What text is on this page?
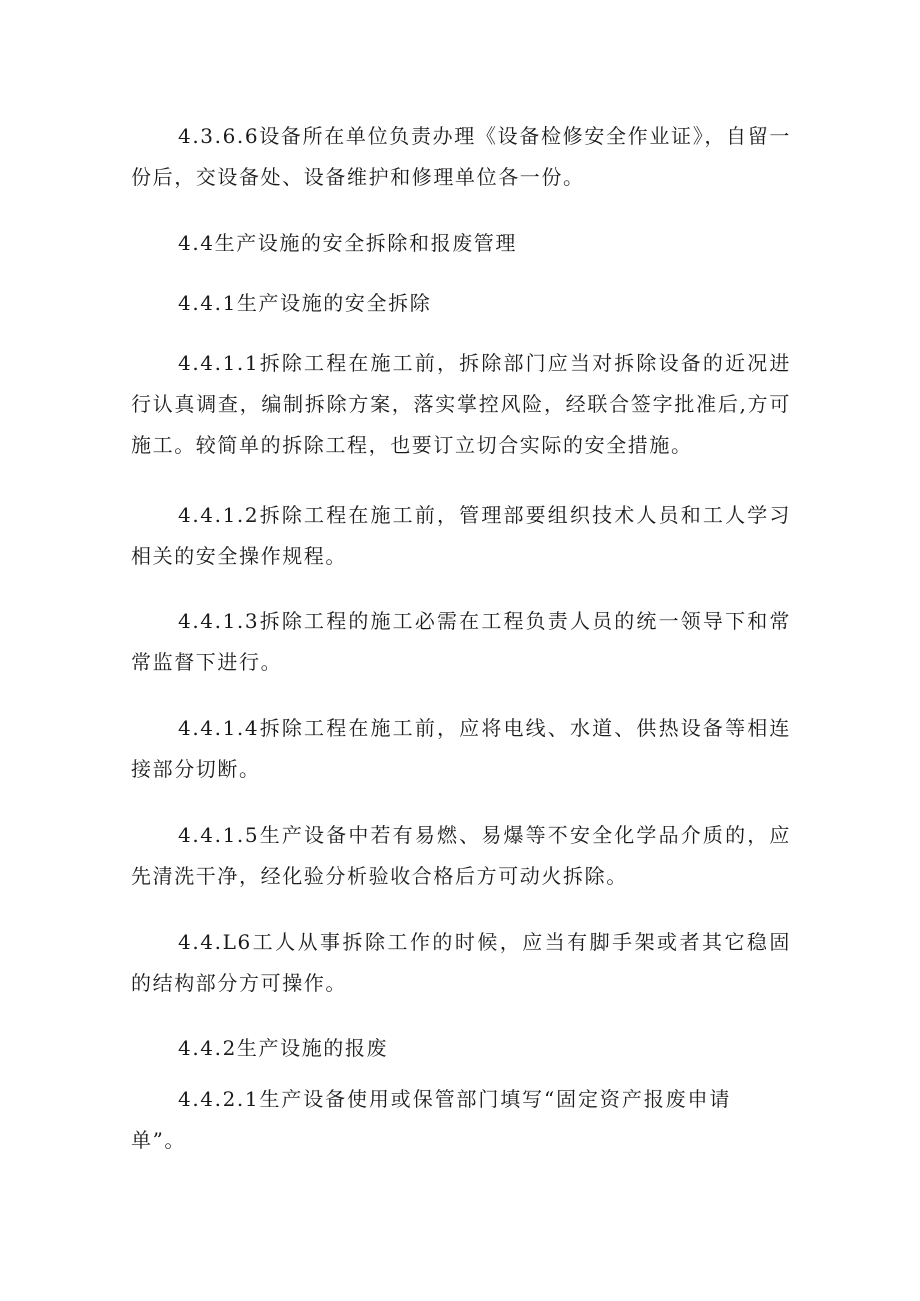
4.3.6.6设备所在单位负责办理《设备检修安全作业证》，自留一份后，交设备处、设备维护和修理单位各一份。

4.4生产设施的安全拆除和报废管理

4.4.1生产设施的安全拆除

4.4.1.1拆除工程在施工前，拆除部门应当对拆除设备的近况进行认真调查，编制拆除方案，落实掌控风险，经联合签字批准后,方可施工。较简单的拆除工程，也要订立切合实际的安全措施。

4.4.1.2拆除工程在施工前，管理部要组织技术人员和工人学习相关的安全操作规程。

4.4.1.3拆除工程的施工必需在工程负责人员的统一领导下和常常监督下进行。

4.4.1.4拆除工程在施工前，应将电线、水道、供热设备等相连接部分切断。

4.4.1.5生产设备中若有易燃、易爆等不安全化学品介质的，应先清洗干净，经化验分析验收合格后方可动火拆除。

4.4.L6工人从事拆除工作的时候，应当有脚手架或者其它稳固的结构部分方可操作。

4.4.2生产设施的报废

4.4.2.1生产设备使用或保管部门填写“固定资产报废申请单”。
